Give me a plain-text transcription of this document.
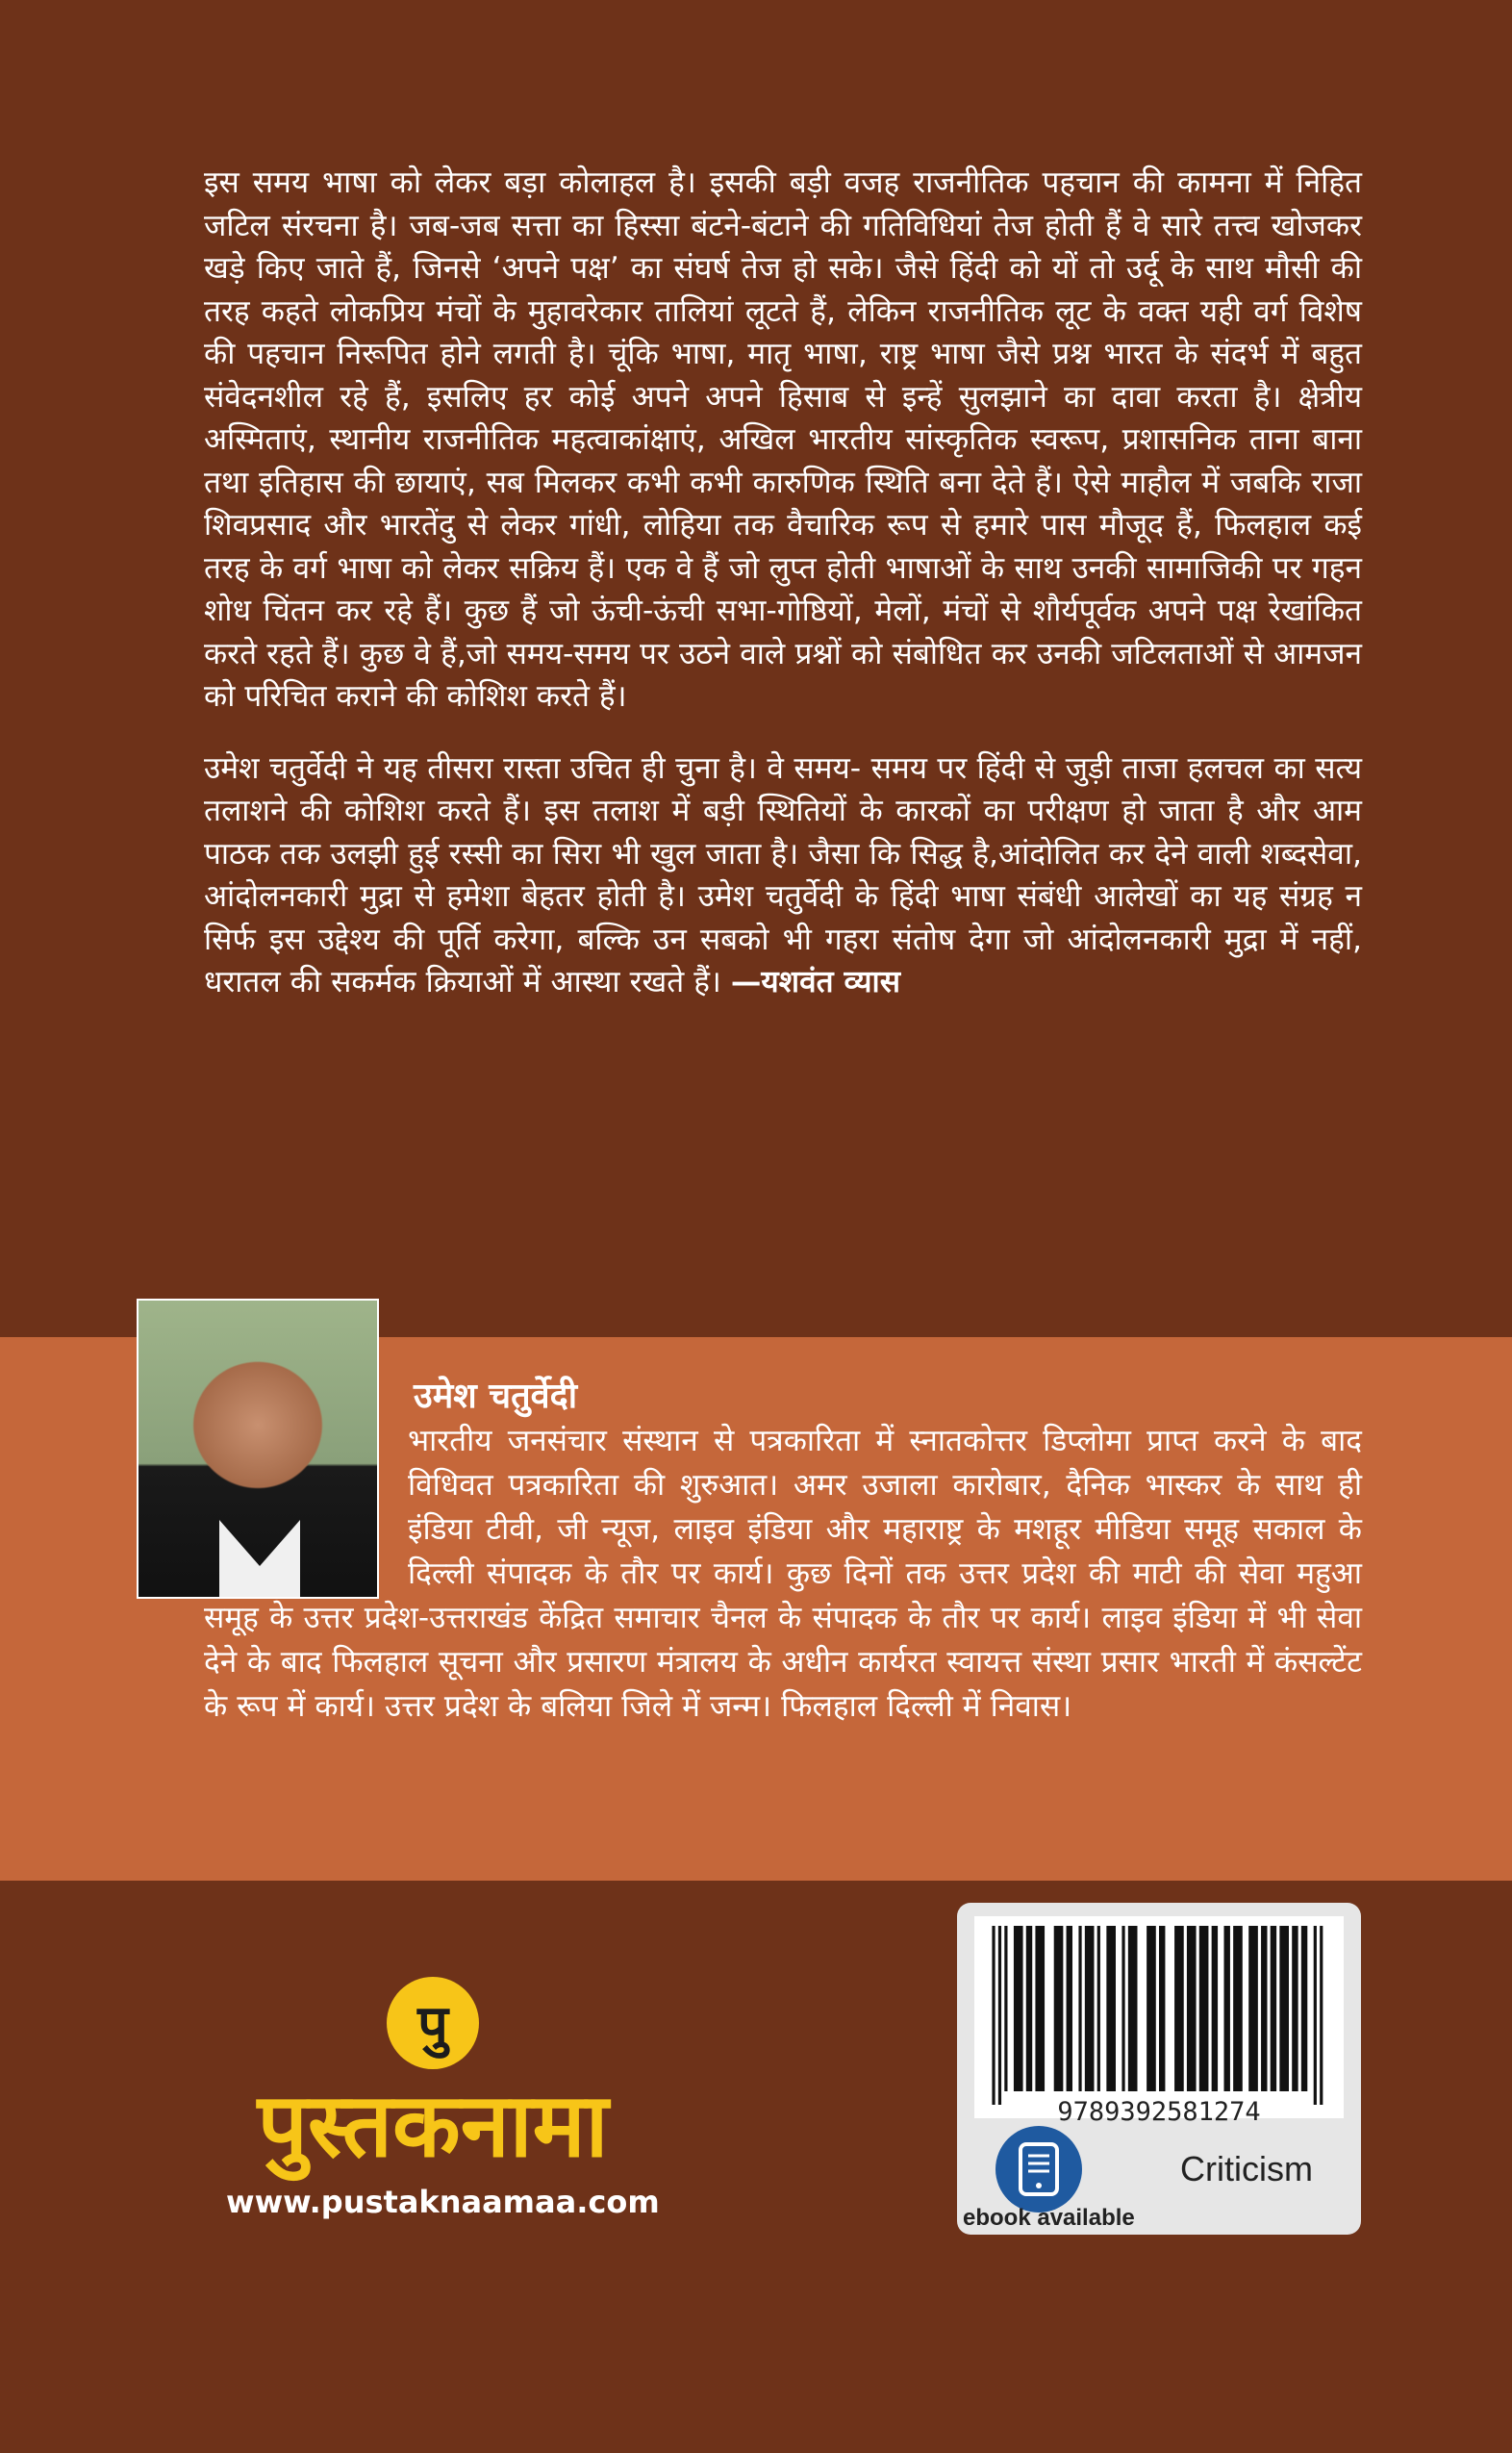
इस समय भाषा को लेकर बड़ा कोलाहल है। इसकी बड़ी वजह राजनीतिक पहचान की कामना में निहित जटिल संरचना है। जब-जब सत्ता का हिस्सा बंटने-बंटाने की गतिविधियां तेज होती हैं वे सारे तत्त्व खोजकर खड़े किए जाते हैं, जिनसे ‘अपने पक्ष’ का संघर्ष तेज हो सके। जैसे हिंदी को यों तो उर्दू के साथ मौसी की तरह कहते लोकप्रिय मंचों के मुहावरेकार तालियां लूटते हैं, लेकिन राजनीतिक लूट के वक्त यही वर्ग विशेष की पहचान निरूपित होने लगती है। चूंकि भाषा, मातृ भाषा, राष्ट्र भाषा जैसे प्रश्न भारत के संदर्भ में बहुत संवेदनशील रहे हैं, इसलिए हर कोई अपने अपने हिसाब से इन्हें सुलझाने का दावा करता है। क्षेत्रीय अस्मिताएं, स्थानीय राजनीतिक महत्वाकांक्षाएं, अखिल भारतीय सांस्कृतिक स्वरूप, प्रशासनिक ताना बाना तथा इतिहास की छायाएं, सब मिलकर कभी कभी कारुणिक स्थिति बना देते हैं। ऐसे माहौल में जबकि राजा शिवप्रसाद और भारतेंदु से लेकर गांधी, लोहिया तक वैचारिक रूप से हमारे पास मौजूद हैं, फिलहाल कई तरह के वर्ग भाषा को लेकर सक्रिय हैं। एक वे हैं जो लुप्त होती भाषाओं के साथ उनकी सामाजिकी पर गहन शोध चिंतन कर रहे हैं। कुछ हैं जो ऊंची-ऊंची सभा-गोष्ठियों, मेलों, मंचों से शौर्यपूर्वक अपने पक्ष रेखांकित करते रहते हैं। कुछ वे हैं,जो समय-समय पर उठने वाले प्रश्नों को संबोधित कर उनकी जटिलताओं से आमजन को परिचित कराने की कोशिश करते हैं।

उमेश चतुर्वेदी ने यह तीसरा रास्ता उचित ही चुना है। वे समय- समय पर हिंदी से जुड़ी ताजा हलचल का सत्य तलाशने की कोशिश करते हैं। इस तलाश में बड़ी स्थितियों के कारकों का परीक्षण हो जाता है और आम पाठक तक उलझी हुई रस्सी का सिरा भी खुल जाता है। जैसा कि सिद्ध है,आंदोलित कर देने वाली शब्दसेवा, आंदोलनकारी मुद्रा से हमेशा बेहतर होती है। उमेश चतुर्वेदी के हिंदी भाषा संबंधी आलेखों का यह संग्रह न सिर्फ इस उद्देश्य की पूर्ति करेगा, बल्कि उन सबको भी गहरा संतोष देगा जो आंदोलनकारी मुद्रा में नहीं, धरातल की सकर्मक क्रियाओं में आस्था रखते हैं। —यशवंत व्यास

उमेश चतुर्वेदी
भारतीय जनसंचार संस्थान से पत्रकारिता में स्नातकोत्तर डिप्लोमा प्राप्त करने के बाद विधिवत पत्रकारिता की शुरुआत। अमर उजाला कारोबार, दैनिक भास्कर के साथ ही इंडिया टीवी, जी न्यूज, लाइव इंडिया और महाराष्ट्र के मशहूर मीडिया समूह सकाल के दिल्ली संपादक के तौर पर कार्य। कुछ दिनों तक उत्तर प्रदेश की माटी की सेवा महुआ समूह के उत्तर प्रदेश-उत्तराखंड केंद्रित समाचार चैनल के संपादक के तौर पर कार्य। लाइव इंडिया में भी सेवा देने के बाद फिलहाल सूचना और प्रसारण मंत्रालय के अधीन कार्यरत स्वायत्त संस्था प्रसार भारती में कंसल्टेंट के रूप में कार्य। उत्तर प्रदेश के बलिया जिले में जन्म। फिलहाल दिल्ली में निवास।
पु
पुस्तकनामा
www.pustaknaamaa.com
9789392581274
ebook available
Criticism
